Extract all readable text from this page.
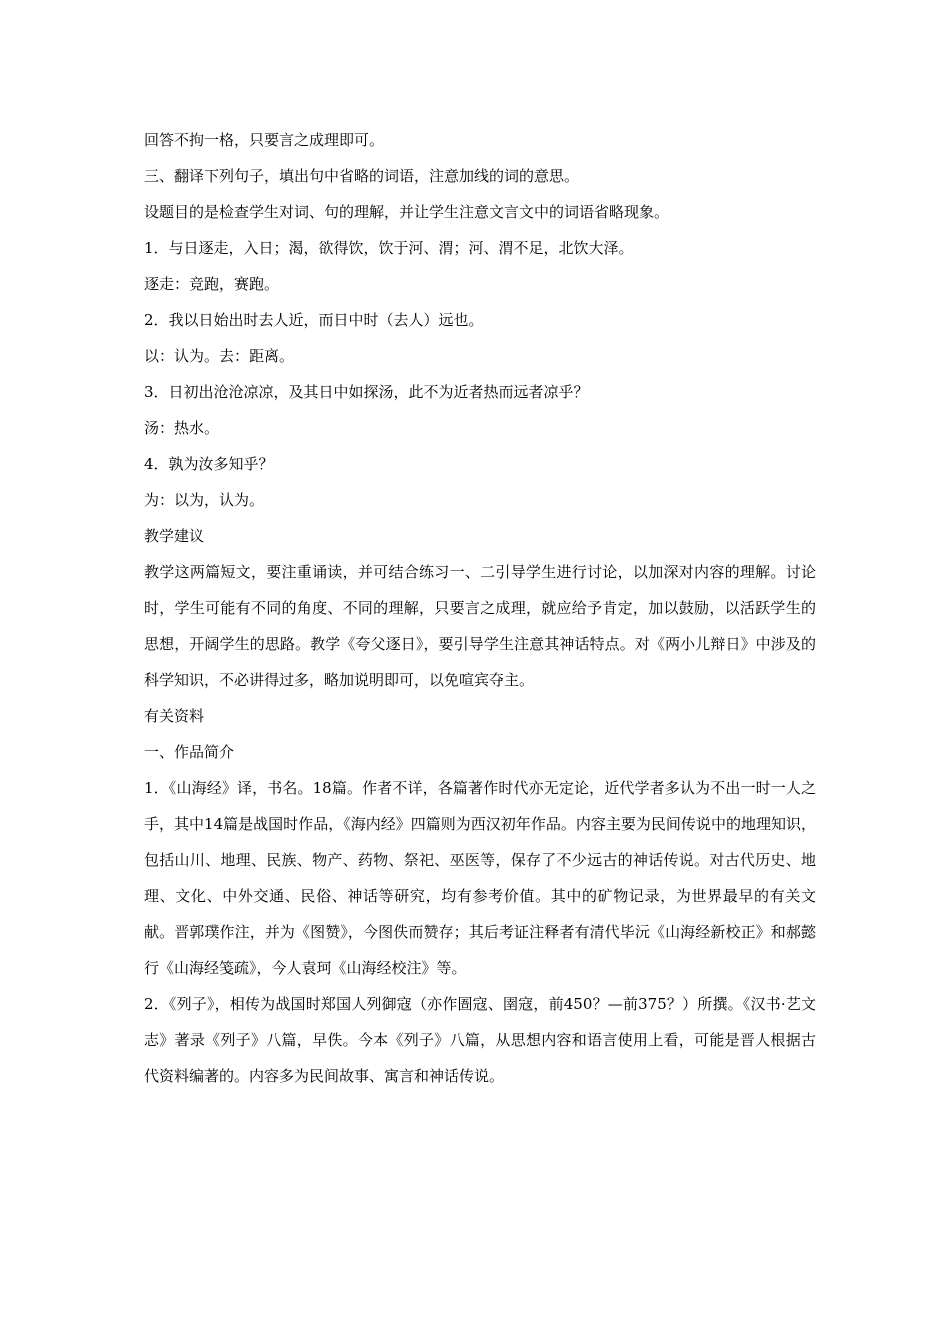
回答不拘一格，只要言之成理即可。

三、翻译下列句子，填出句中省略的词语，注意加线的词的意思。

设题目的是检查学生对词、句的理解，并让学生注意文言文中的词语省略现象。

1．与日逐走，入日；渴，欲得饮，饮于河、渭；河、渭不足，北饮大泽。

逐走：竞跑，赛跑。

2．我以日始出时去人近，而日中时（去人）远也。

以：认为。去：距离。

3．日初出沧沧凉凉，及其日中如探汤，此不为近者热而远者凉乎？

汤：热水。

4．孰为汝多知乎？

为：以为，认为。

教学建议

教学这两篇短文，要注重诵读，并可结合练习一、二引导学生进行讨论，以加深对内容的理解。讨论时，学生可能有不同的角度、不同的理解，只要言之成理，就应给予肯定，加以鼓励，以活跃学生的思想，开阔学生的思路。教学《夸父逐日》，要引导学生注意其神话特点。对《两小儿辩日》中涉及的科学知识，不必讲得过多，略加说明即可，以免喧宾夺主。

有关资料

一、作品简介

1．《山海经》译，书名。18篇。作者不详，各篇著作时代亦无定论，近代学者多认为不出一时一人之手，其中14篇是战国时作品，《海内经》四篇则为西汉初年作品。内容主要为民间传说中的地理知识，包括山川、地理、民族、物产、药物、祭祀、巫医等，保存了不少远古的神话传说。对古代历史、地理、文化、中外交通、民俗、神话等研究，均有参考价值。其中的矿物记录，为世界最早的有关文献。晋郭璞作注，并为《图赞》，今图佚而赞存；其后考证注释者有清代毕沅《山海经新校正》和郝懿行《山海经笺疏》，今人袁珂《山海经校注》等。

2．《列子》，相传为战国时郑国人列御寇（亦作圄寇、圉寇，前450？—前375？）所撰。《汉书·艺文志》著录《列子》八篇，早佚。今本《列子》八篇，从思想内容和语言使用上看，可能是晋人根据古代资料编著的。内容多为民间故事、寓言和神话传说。
